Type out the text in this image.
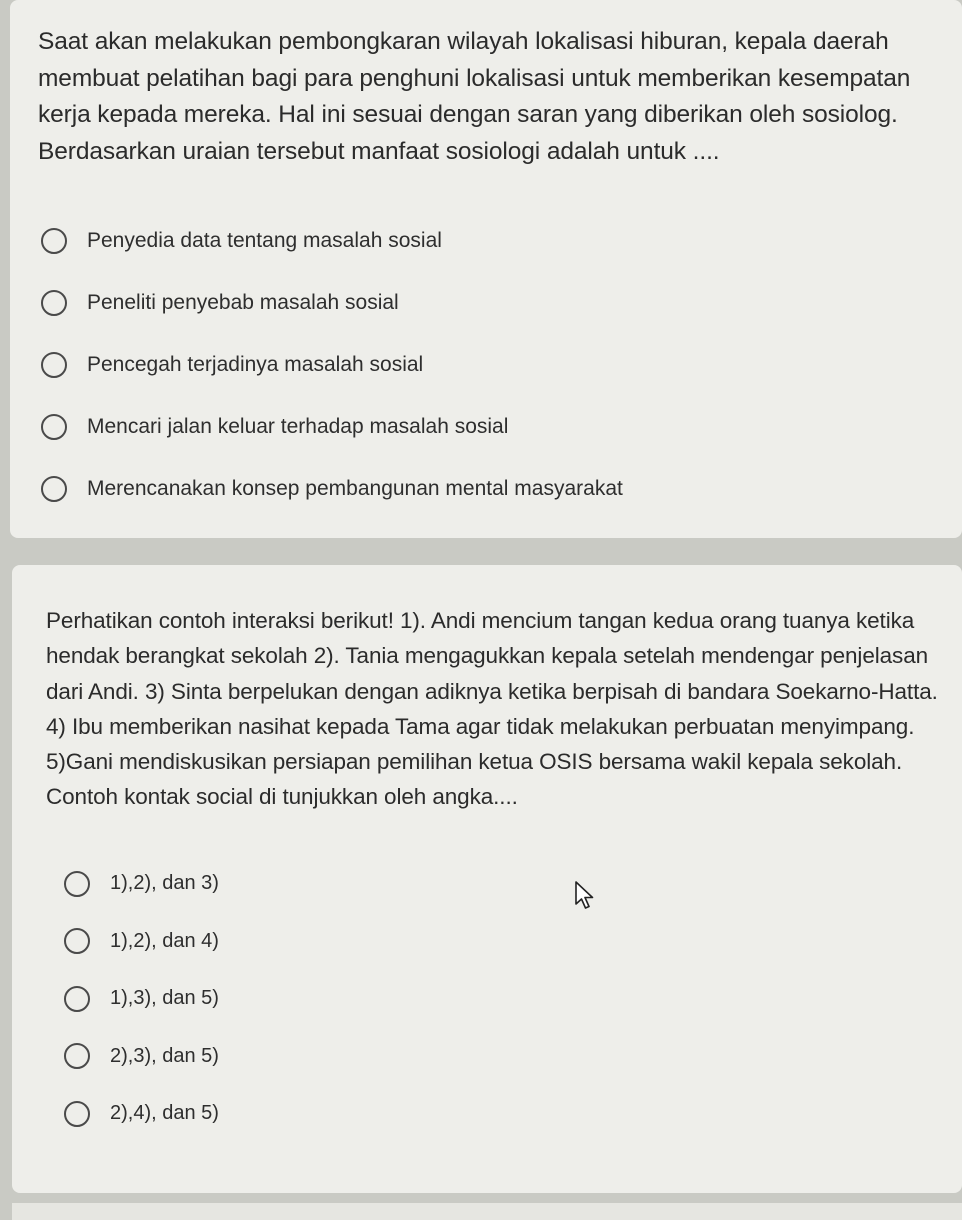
Saat akan melakukan pembongkaran wilayah lokalisasi hiburan, kepala daerah membuat pelatihan bagi para penghuni lokalisasi untuk memberikan kesempatan kerja kepada mereka. Hal ini sesuai dengan saran yang diberikan oleh sosiolog. Berdasarkan uraian tersebut manfaat sosiologi adalah untuk ....

Penyedia data tentang masalah sosial
Peneliti penyebab masalah sosial
Pencegah terjadinya masalah sosial
Mencari jalan keluar terhadap masalah sosial
Merencanakan konsep pembangunan mental masyarakat

Perhatikan contoh interaksi berikut! 1). Andi mencium tangan kedua orang tuanya ketika hendak berangkat sekolah 2). Tania mengagukkan kepala setelah mendengar penjelasan dari Andi. 3) Sinta berpelukan dengan adiknya ketika berpisah di bandara Soekarno-Hatta. 4) Ibu memberikan nasihat kepada Tama agar tidak melakukan perbuatan menyimpang. 5)Gani mendiskusikan persiapan pemilihan ketua OSIS bersama wakil kepala sekolah. Contoh kontak social di tunjukkan oleh angka....

1),2), dan 3)
1),2), dan 4)
1),3), dan 5)
2),3), dan 5)
2),4), dan 5)
